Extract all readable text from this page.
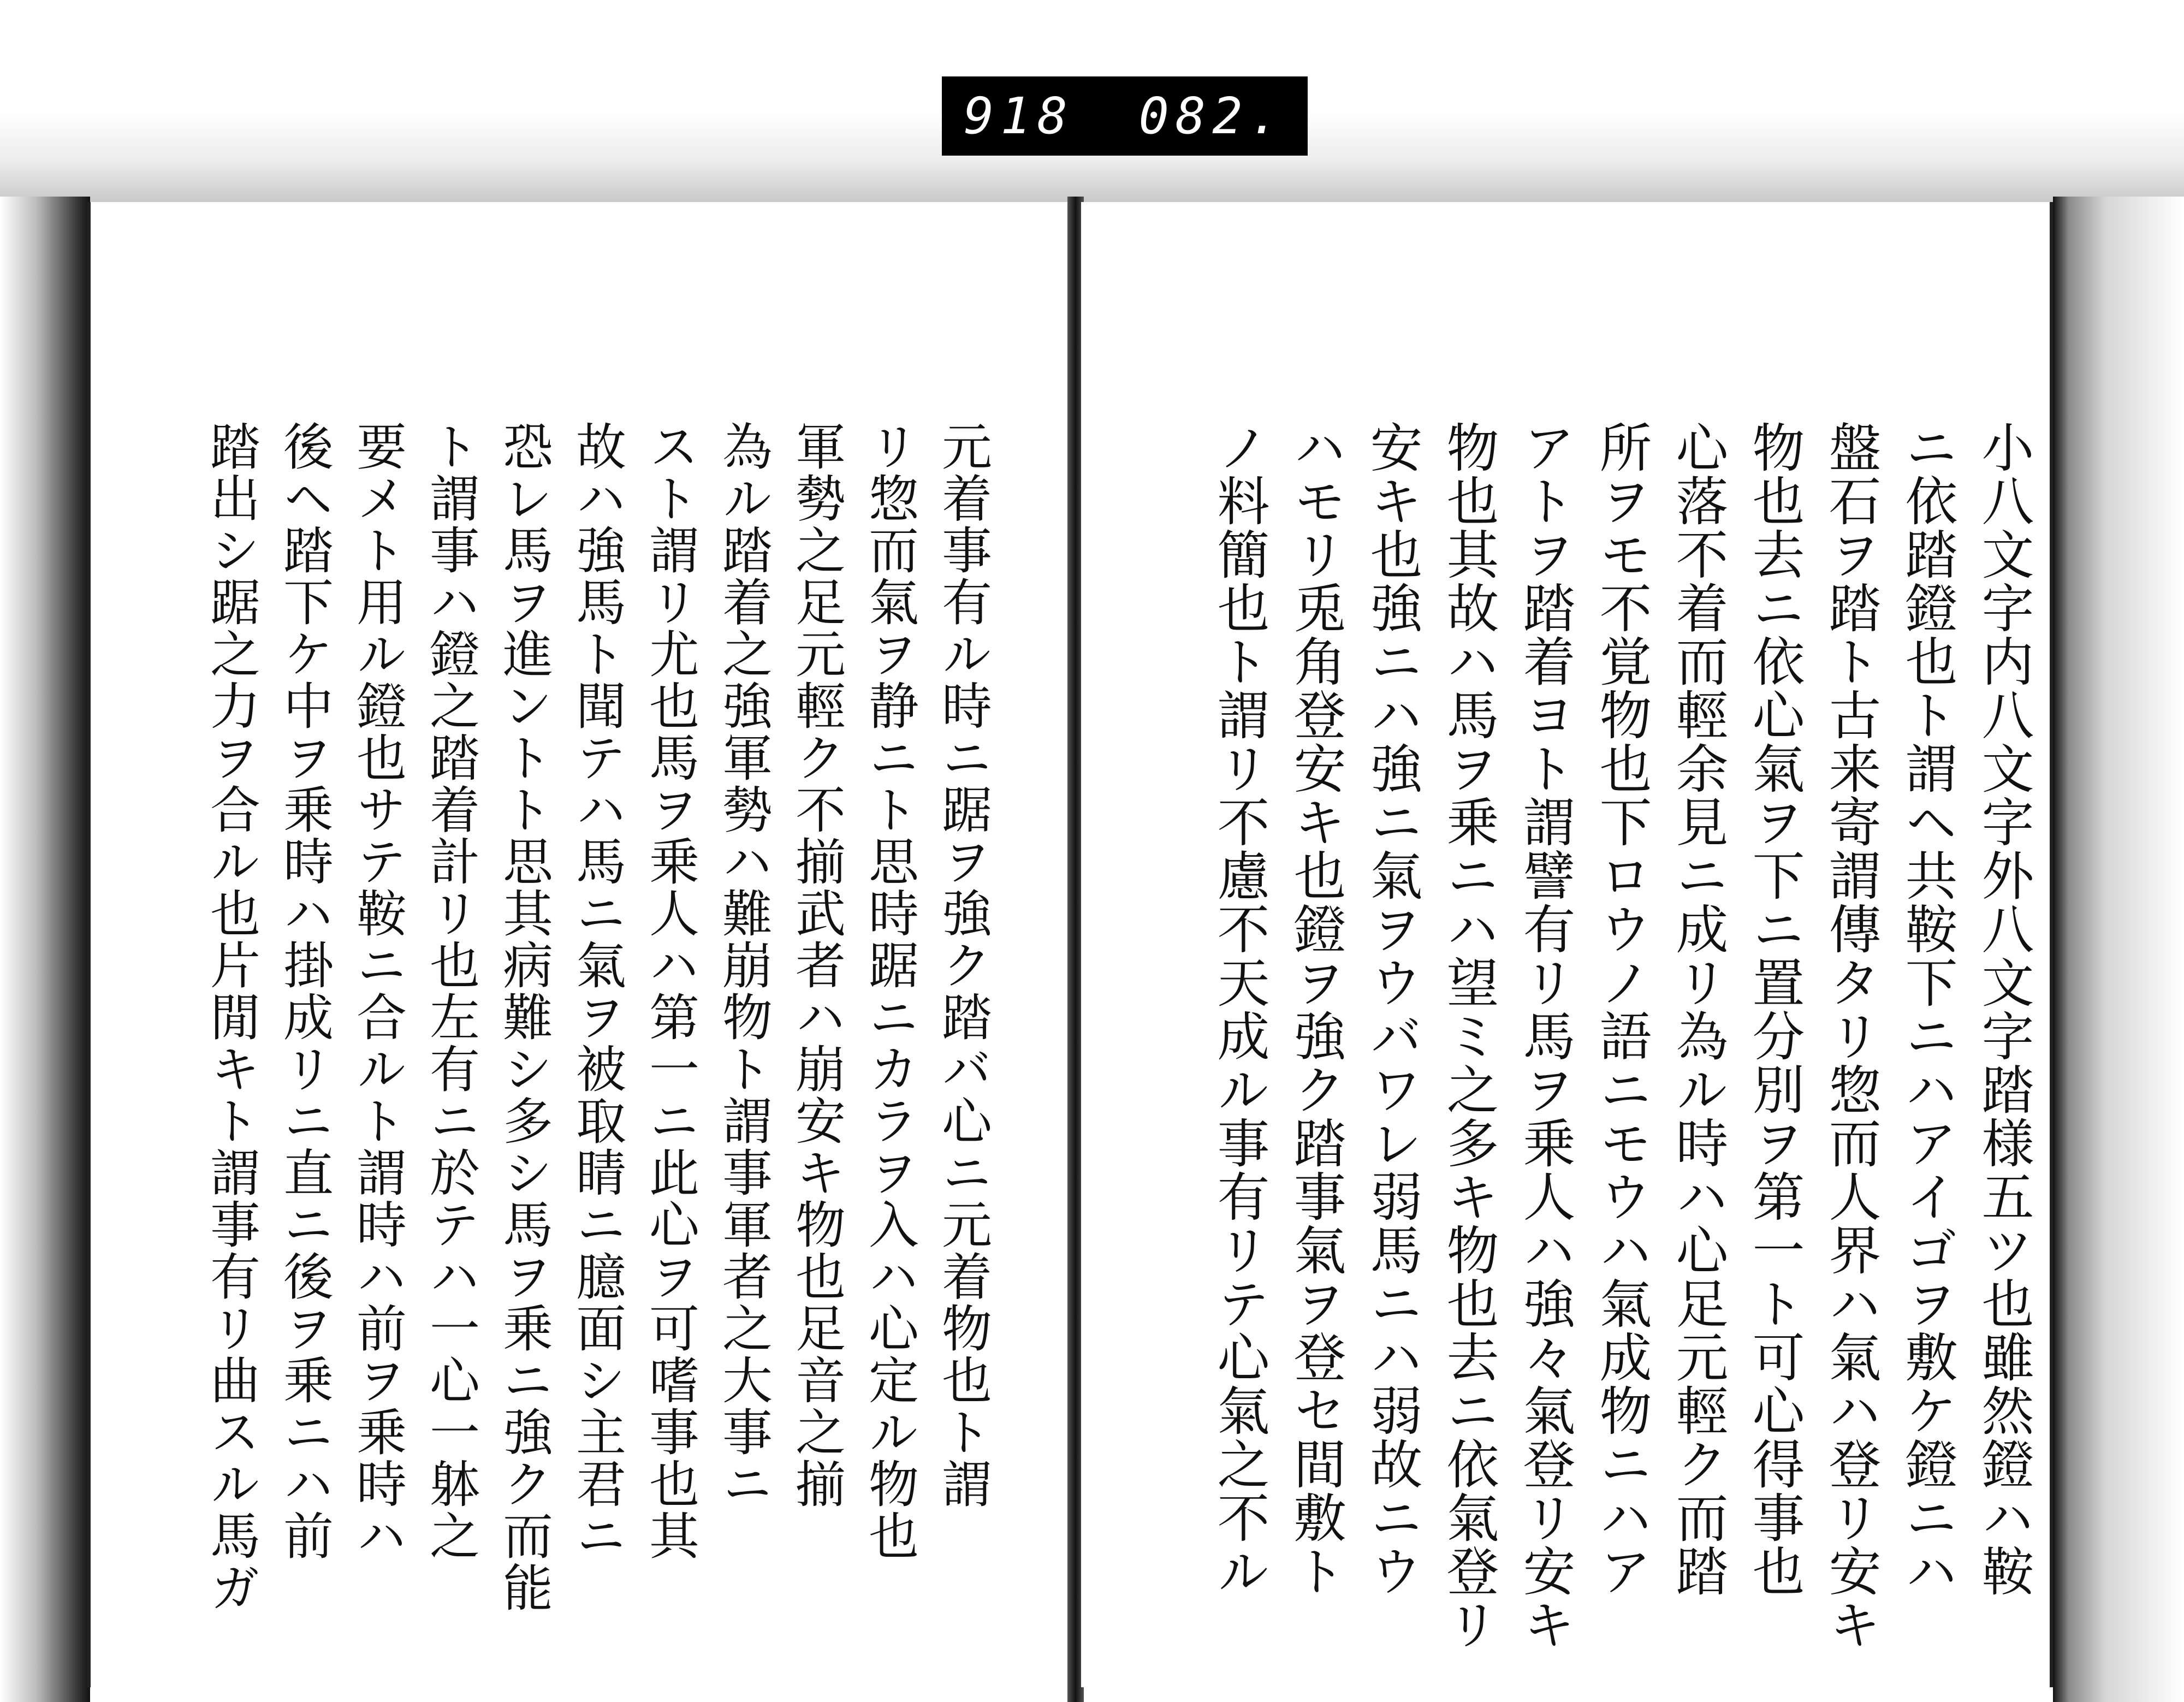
918 082.
小八文字内八文字外八文字踏様五ツ也雖然鐙ハ鞍
ニ依踏鐙也ト謂ヘ共鞍下ニハアイゴヲ敷ケ鐙ニハ
盤石ヲ踏ト古来寄謂傳タリ惣而人界ハ氣ハ登リ安キ
物也去ニ依心氣ヲ下ニ置分別ヲ第一ト可心得事也
心落不着而輕余見ニ成リ為ル時ハ心足元輕ク而踏
所ヲモ不覚物也下ロウノ語ニモウハ氣成物ニハア
アトヲ踏着ヨト謂譬有リ馬ヲ乗人ハ強々氣登リ安キ
物也其故ハ馬ヲ乗ニハ望ミ之多キ物也去ニ依氣登リ
安キ也強ニハ強ニ氣ヲウバワレ弱馬ニハ弱故ニウ
ハモリ兎角登安キ也鐙ヲ強ク踏事氣ヲ登セ間敷ト
ノ料簡也ト謂リ不慮不天成ル事有リテ心氣之不ル
元着事有ル時ニ踞ヲ強ク踏バ心ニ元着物也ト謂
リ惣而氣ヲ静ニト思時踞ニカラヲ入ハ心定ル物也
軍勢之足元輕ク不揃武者ハ崩安キ物也足音之揃
為ル踏着之強軍勢ハ難崩物ト謂事軍者之大事ニ
スト謂リ尤也馬ヲ乗人ハ第一ニ此心ヲ可嗜事也其
故ハ強馬ト聞テハ馬ニ氣ヲ被取睛ニ臆面シ主君ニ
恐レ馬ヲ進ントト思其病難シ多シ馬ヲ乗ニ強ク而能
ト謂事ハ鐙之踏着計リ也左有ニ於テハ一心一躰之
要メト用ル鐙也サテ鞍ニ合ルト謂時ハ前ヲ乗時ハ
後ヘ踏下ケ中ヲ乗時ハ掛成リニ直ニ後ヲ乗ニハ前
踏出シ踞之力ヲ合ル也片閒キト謂事有リ曲スル馬ガ
